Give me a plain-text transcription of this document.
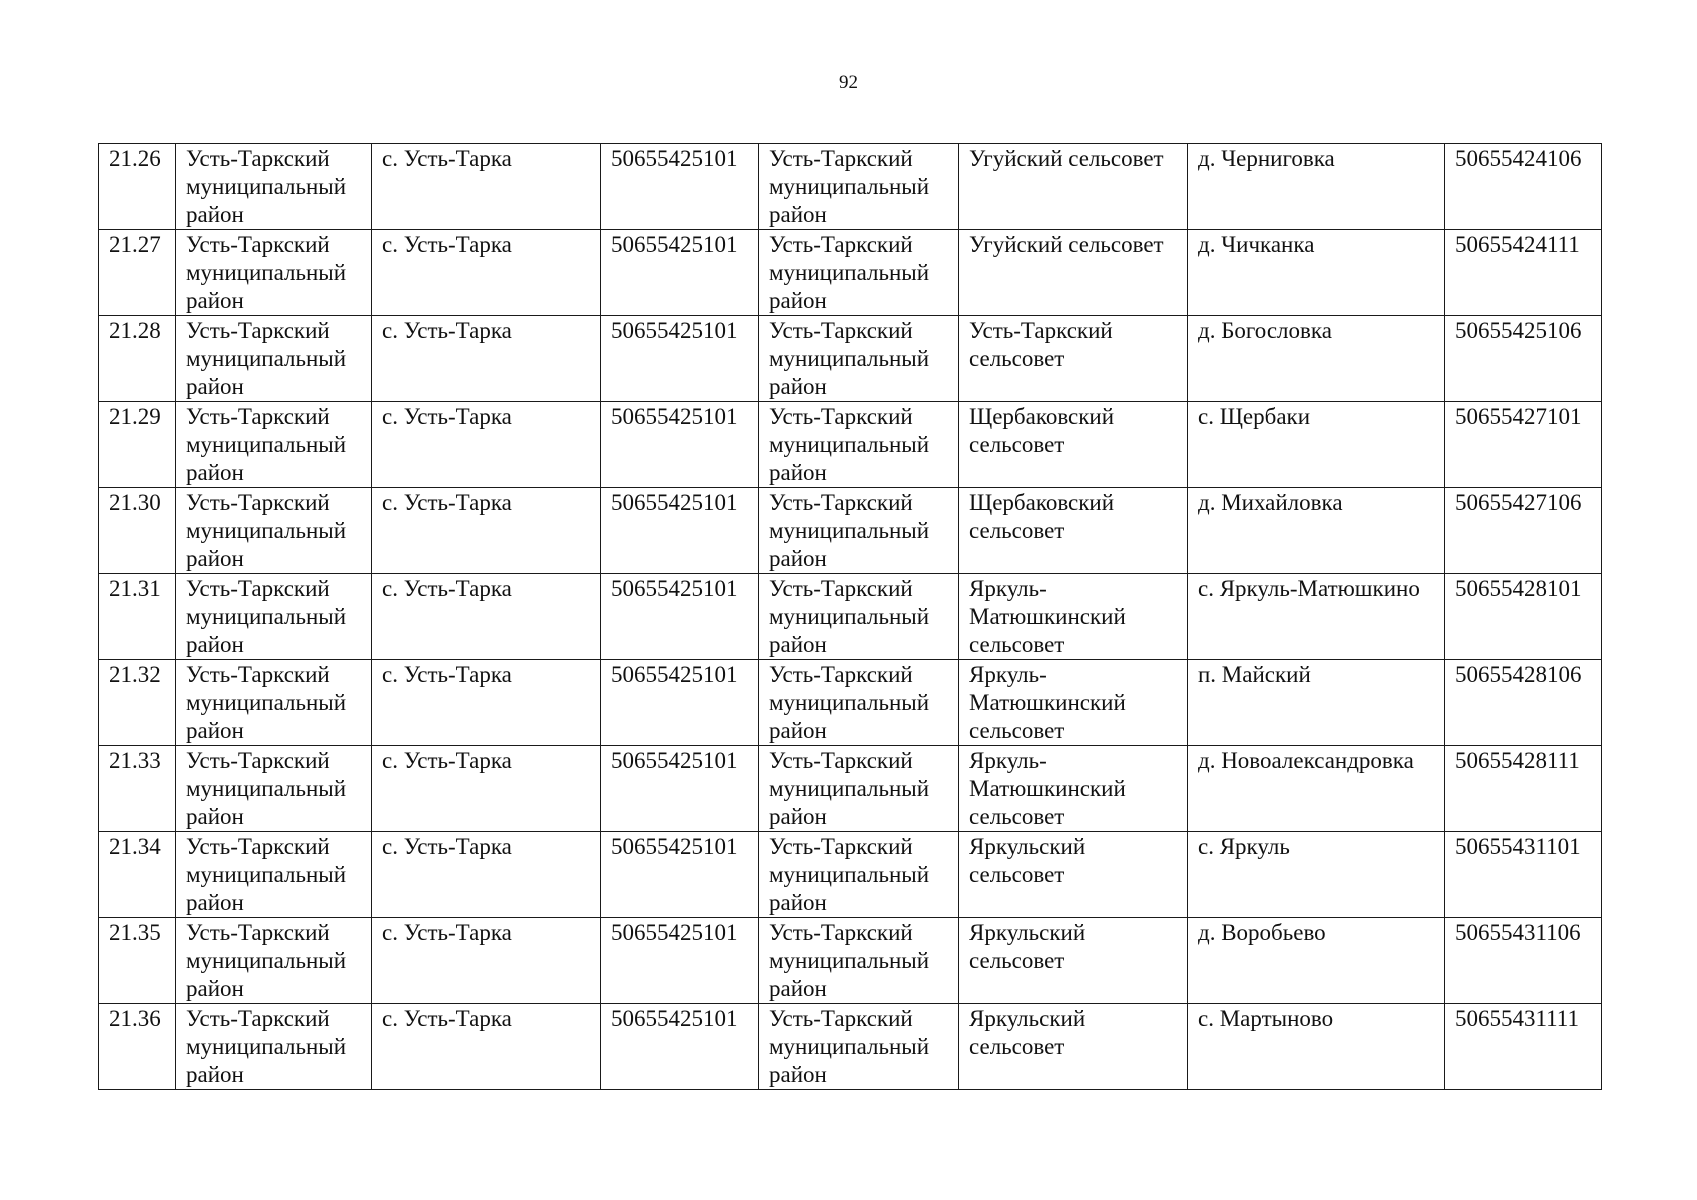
92
21.26	Усть-Таркский муниципальный район	с. Усть-Тарка	50655425101	Усть-Таркский муниципальный район	Угуйский сельсовет	д. Черниговка	50655424106
21.27	Усть-Таркский муниципальный район	с. Усть-Тарка	50655425101	Усть-Таркский муниципальный район	Угуйский сельсовет	д. Чичканка	50655424111
21.28	Усть-Таркский муниципальный район	с. Усть-Тарка	50655425101	Усть-Таркский муниципальный район	Усть-Таркский сельсовет	д. Богословка	50655425106
21.29	Усть-Таркский муниципальный район	с. Усть-Тарка	50655425101	Усть-Таркский муниципальный район	Щербаковский сельсовет	с. Щербаки	50655427101
21.30	Усть-Таркский муниципальный район	с. Усть-Тарка	50655425101	Усть-Таркский муниципальный район	Щербаковский сельсовет	д. Михайловка	50655427106
21.31	Усть-Таркский муниципальный район	с. Усть-Тарка	50655425101	Усть-Таркский муниципальный район	Яркуль-Матюшкинский сельсовет	с. Яркуль-Матюшкино	50655428101
21.32	Усть-Таркский муниципальный район	с. Усть-Тарка	50655425101	Усть-Таркский муниципальный район	Яркуль-Матюшкинский сельсовет	п. Майский	50655428106
21.33	Усть-Таркский муниципальный район	с. Усть-Тарка	50655425101	Усть-Таркский муниципальный район	Яркуль-Матюшкинский сельсовет	д. Новоалександровка	50655428111
21.34	Усть-Таркский муниципальный район	с. Усть-Тарка	50655425101	Усть-Таркский муниципальный район	Яркульский сельсовет	с. Яркуль	50655431101
21.35	Усть-Таркский муниципальный район	с. Усть-Тарка	50655425101	Усть-Таркский муниципальный район	Яркульский сельсовет	д. Воробьево	50655431106
21.36	Усть-Таркский муниципальный район	с. Усть-Тарка	50655425101	Усть-Таркский муниципальный район	Яркульский сельсовет	с. Мартыново	50655431111
